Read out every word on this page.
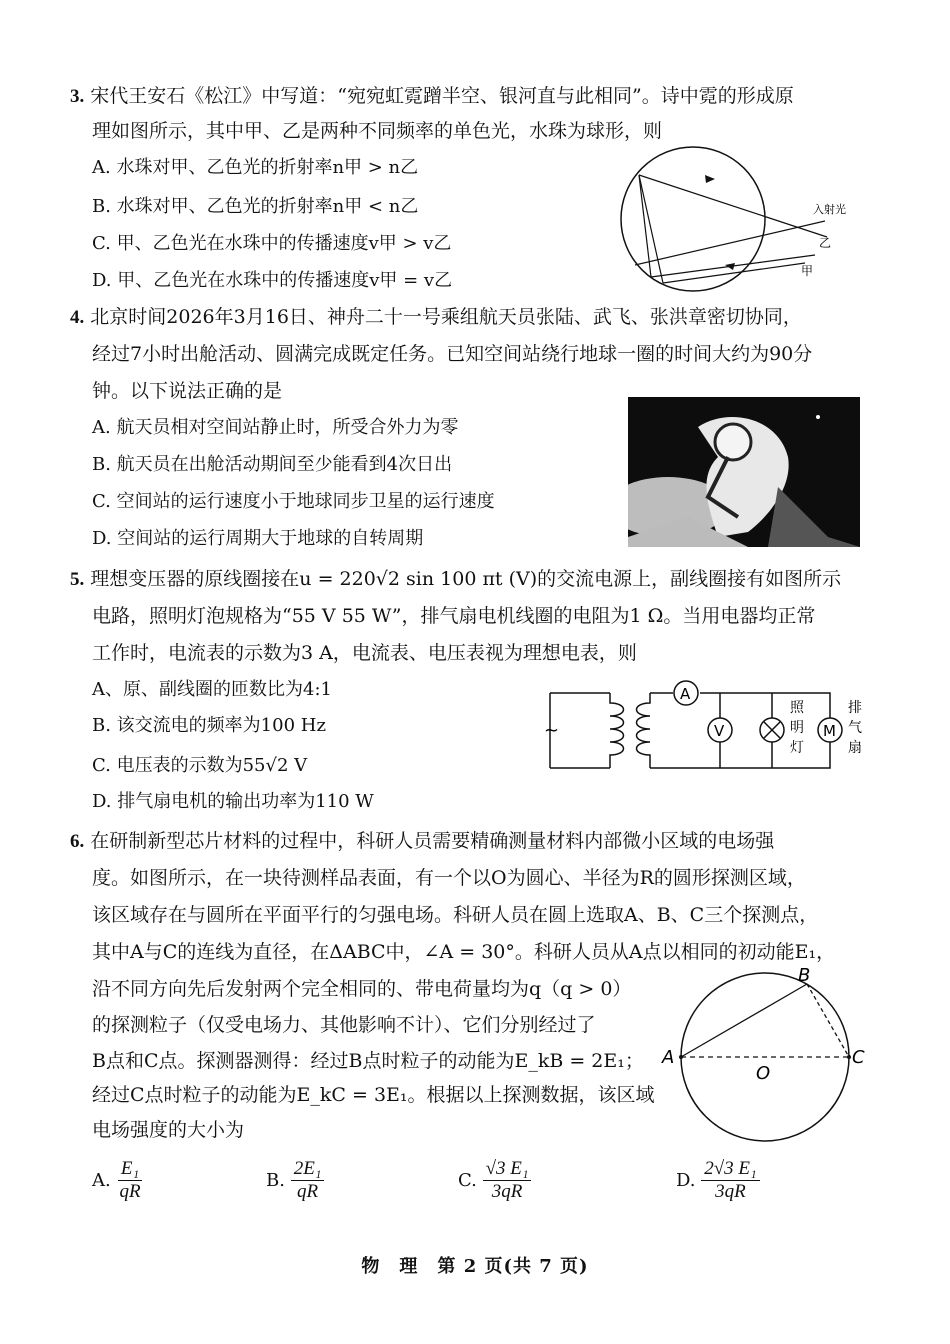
3. 宋代王安石《松江》中写道：“宛宛虹霓蹭半空、银河直与此相同”。诗中霓的形成原
理如图所示，其中甲、乙是两种不同频率的单色光，水珠为球形，则
A. 水珠对甲、乙色光的折射率n甲 > n乙
B. 水珠对甲、乙色光的折射率n甲 < n乙
C. 甲、乙色光在水珠中的传播速度v甲 > v乙
D. 甲、乙色光在水珠中的传播速度v甲 = v乙
入射光
乙
甲
4. 北京时间2026年3月16日、神舟二十一号乘组航天员张陆、武飞、张洪章密切协同，
经过7小时出舱活动、圆满完成既定任务。已知空间站绕行地球一圈的时间大约为90分
钟。以下说法正确的是
A. 航天员相对空间站静止时，所受合外力为零
B. 航天员在出舱活动期间至少能看到4次日出
C. 空间站的运行速度小于地球同步卫星的运行速度
D. 空间站的运行周期大于地球的自转周期
5. 理想变压器的原线圈接在u = 220√2 sin 100 πt (V)的交流电源上，副线圈接有如图所示
电路，照明灯泡规格为“55 V 55 W”，排气扇电机线圈的电阻为1 Ω。当用电器均正常
工作时，电流表的示数为3 A，电流表、电压表视为理想电表，则
A、原、副线圈的匝数比为4:1
B. 该交流电的频率为100 Hz
C. 电压表的示数为55√2 V
D. 排气扇电机的输出功率为110 W
~
A
V	M
照
明
灯
排
气
扇
6. 在研制新型芯片材料的过程中，科研人员需要精确测量材料内部微小区域的电场强
度。如图所示，在一块待测样品表面，有一个以O为圆心、半径为R的圆形探测区域，
该区域存在与圆所在平面平行的匀强电场。科研人员在圆上选取A、B、C三个探测点，
其中A与C的连线为直径，在ΔABC中，∠A = 30°。科研人员从A点以相同的初动能E₁，
沿不同方向先后发射两个完全相同的、带电荷量均为q（q > 0）
的探测粒子（仅受电场力、其他影响不计）、它们分别经过了
B点和C点。探测器测得：经过B点时粒子的动能为E_kB = 2E₁；
经过C点时粒子的动能为E_kC = 3E₁。根据以上探测数据，该区域
电场强度的大小为
A	C
B
O
A. $\frac{\text{E₁}}{qR}$	B. $\frac{\text{2E₁}}{qR}$	C. $\frac{\text{√3 E₁}}{3qR}$	D. $\frac{\text{2√3 E₁}}{3qR}$
物　理　第 2 页(共 7 页)
